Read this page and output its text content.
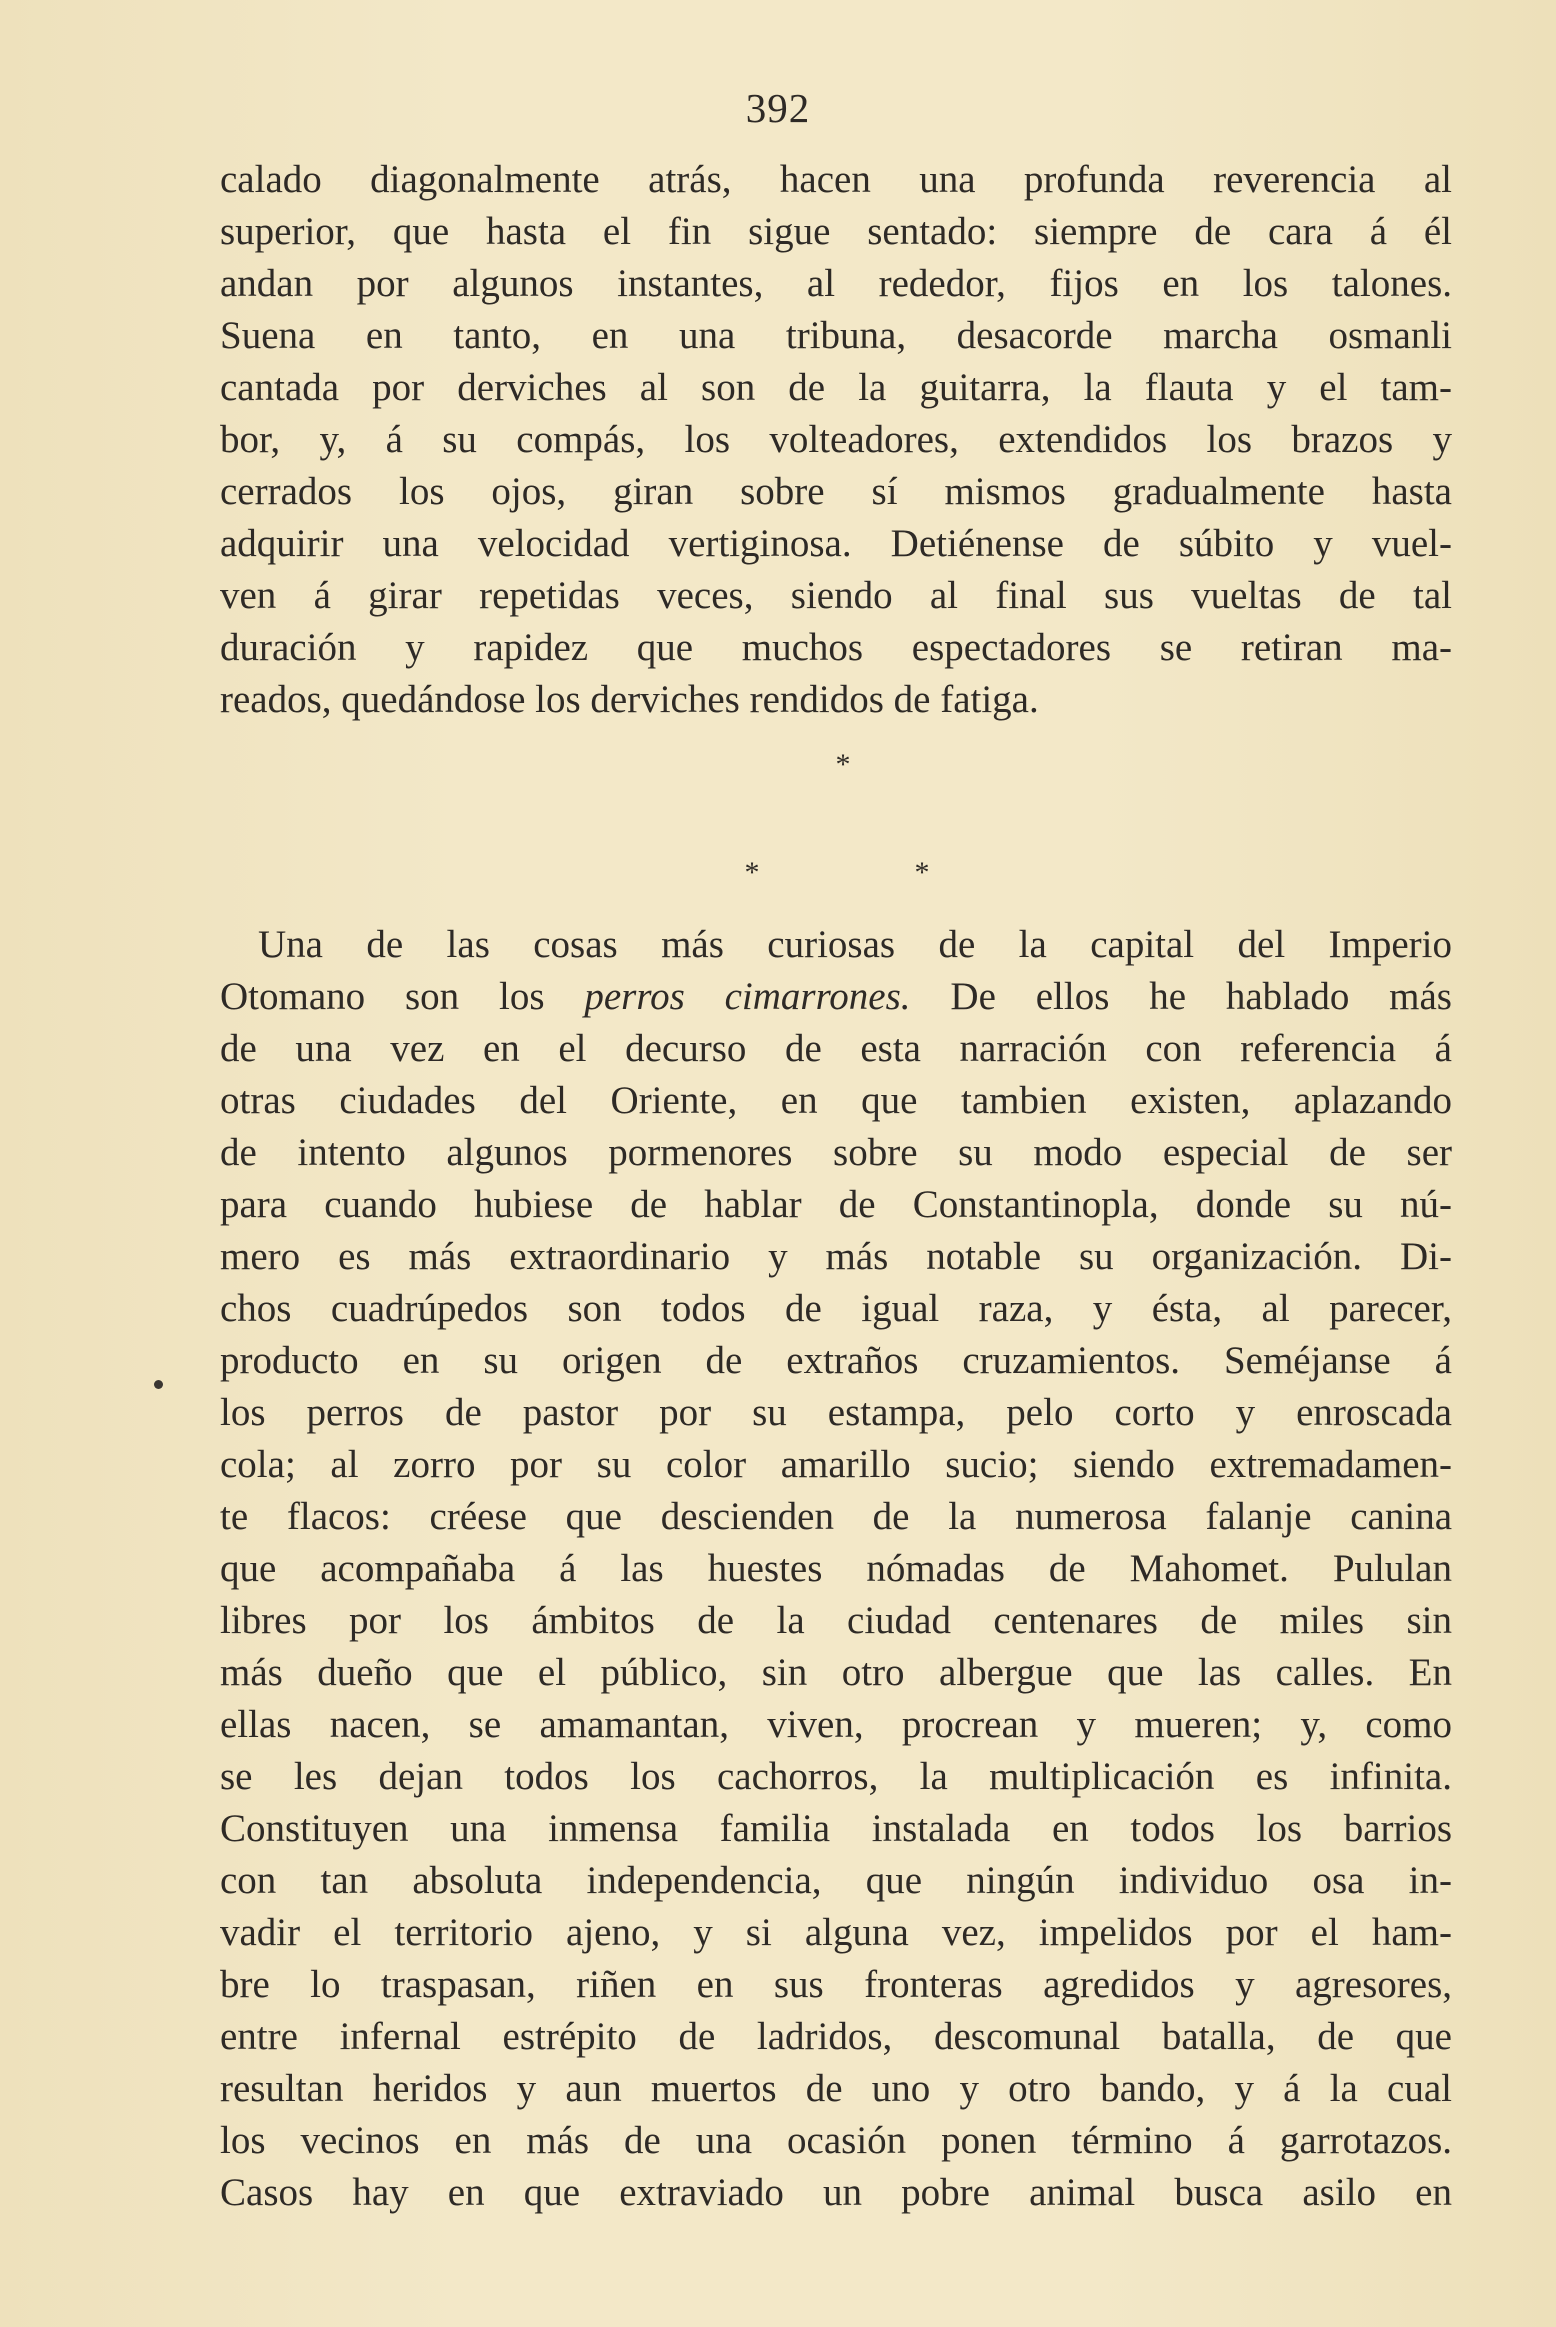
392
calado diagonalmente atrás, hacen una profunda reverencia al
superior, que hasta el fin sigue sentado: siempre de cara á él
andan por algunos instantes, al rededor, fijos en los talones.
Suena en tanto, en una tribuna, desacorde marcha osmanli
cantada por derviches al son de la guitarra, la flauta y el tam-
bor, y, á su compás, los volteadores, extendidos los brazos y
cerrados los ojos, giran sobre sí mismos gradualmente hasta
adquirir una velocidad vertiginosa. Detiénense de súbito y vuel-
ven á girar repetidas veces, siendo al final sus vueltas de tal
duración y rapidez que muchos espectadores se retiran ma-
reados, quedándose los derviches rendidos de fatiga.
*
*	*
Una de las cosas más curiosas de la capital del Imperio
Otomano son los perros cimarrones. De ellos he hablado más
de una vez en el decurso de esta narración con referencia á
otras ciudades del Oriente, en que tambien existen, aplazando
de intento algunos pormenores sobre su modo especial de ser
para cuando hubiese de hablar de Constantinopla, donde su nú-
mero es más extraordinario y más notable su organización. Di-
chos cuadrúpedos son todos de igual raza, y ésta, al parecer,
producto en su origen de extraños cruzamientos. Seméjanse á
los perros de pastor por su estampa, pelo corto y enroscada
cola; al zorro por su color amarillo sucio; siendo extremadamen-
te flacos: créese que descienden de la numerosa falanje canina
que acompañaba á las huestes nómadas de Mahomet. Pululan
libres por los ámbitos de la ciudad centenares de miles sin
más dueño que el público, sin otro albergue que las calles. En
ellas nacen, se amamantan, viven, procrean y mueren; y, como
se les dejan todos los cachorros, la multiplicación es infinita.
Constituyen una inmensa familia instalada en todos los barrios
con tan absoluta independencia, que ningún individuo osa in-
vadir el territorio ajeno, y si alguna vez, impelidos por el ham-
bre lo traspasan, riñen en sus fronteras agredidos y agresores,
entre infernal estrépito de ladridos, descomunal batalla, de que
resultan heridos y aun muertos de uno y otro bando, y á la cual
los vecinos en más de una ocasión ponen término á garrotazos.
Casos hay en que extraviado un pobre animal busca asilo en
